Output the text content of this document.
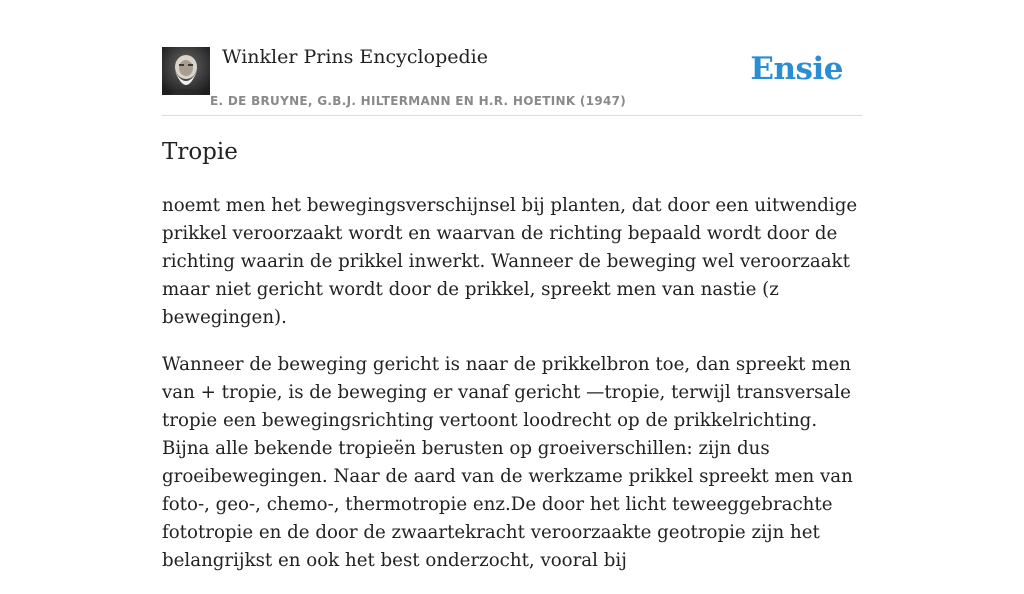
Winkler Prins Encyclopedie
E. DE BRUYNE, G.B.J. HILTERMANN EN H.R. HOETINK (1947)
Ensie
Tropie

noemt men het bewegingsverschijnsel bij planten, dat door een uitwendige prikkel veroorzaakt wordt en waarvan de richting bepaald wordt door de richting waarin de prikkel inwerkt. Wanneer de beweging wel veroorzaakt maar niet gericht wordt door de prikkel, spreekt men van nastie (z bewegingen).

Wanneer de beweging gericht is naar de prikkelbron toe, dan spreekt men van + tropie, is de beweging er vanaf gericht —tropie, terwijl transversale tropie een bewegingsrichting vertoont loodrecht op de prikkelrichting. Bijna alle bekende tropieën berusten op groeiverschillen: zijn dus groeibewegingen. Naar de aard van de werkzame prikkel spreekt men van foto-, geo-, chemo-, thermotropie enz.De door het licht teweeggebrachte fototropie en de door de zwaartekracht veroorzaakte geotropie zijn het belangrijkst en ook het best onderzocht, vooral bij
